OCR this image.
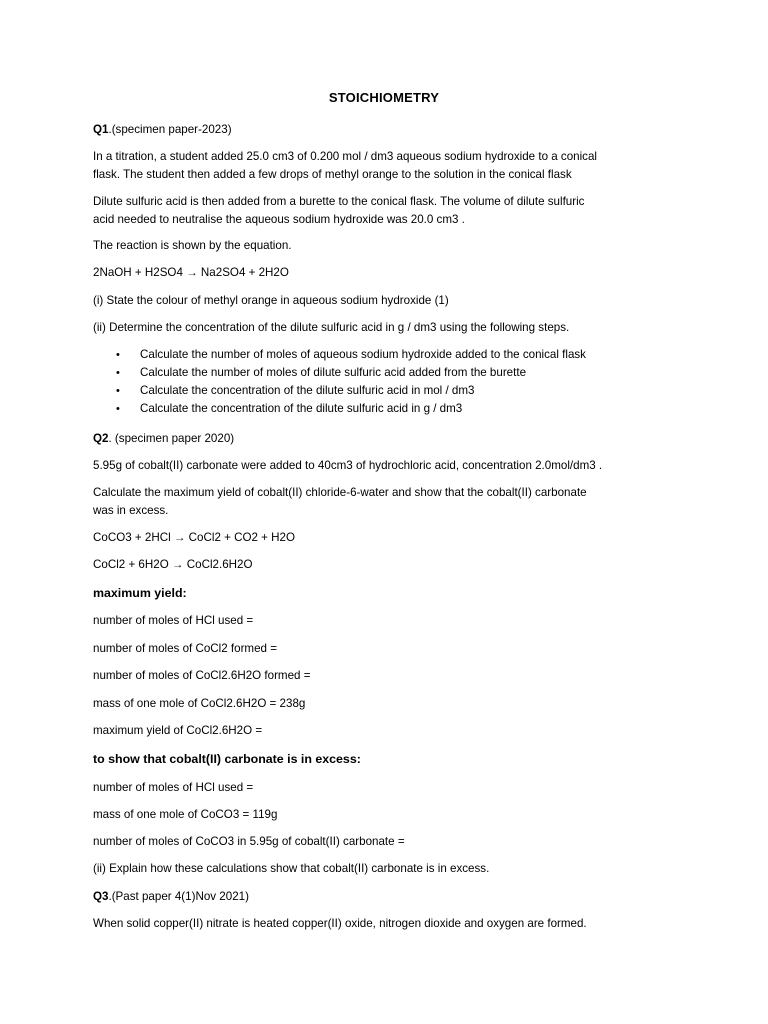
STOICHIOMETRY
Q1.(specimen paper-2023)
In a titration, a student added 25.0 cm3 of 0.200 mol / dm3 aqueous sodium hydroxide to a conical
flask. The student then added a few drops of methyl orange to the solution in the conical flask
Dilute sulfuric acid is then added from a burette to the conical flask. The volume of dilute sulfuric
acid needed to neutralise the aqueous sodium hydroxide was 20.0 cm3 .
The reaction is shown by the equation.
2NaOH + H2SO4 → Na2SO4 + 2H2O
(i) State the colour of methyl orange in aqueous sodium hydroxide (1)
(ii) Determine the concentration of the dilute sulfuric acid in g / dm3 using the following steps.
• Calculate the number of moles of aqueous sodium hydroxide added to the conical flask
• Calculate the number of moles of dilute sulfuric acid added from the burette
• Calculate the concentration of the dilute sulfuric acid in mol / dm3
• Calculate the concentration of the dilute sulfuric acid in g / dm3
Q2. (specimen paper 2020)
5.95g of cobalt(II) carbonate were added to 40cm3 of hydrochloric acid, concentration 2.0mol/dm3 .
Calculate the maximum yield of cobalt(II) chloride-6-water and show that the cobalt(II) carbonate
was in excess.
CoCO3 + 2HCl → CoCl2 + CO2 + H2O
CoCl2 + 6H2O → CoCl2.6H2O
maximum yield:
number of moles of HCl used =
number of moles of CoCl2 formed =
number of moles of CoCl2.6H2O formed =
mass of one mole of CoCl2.6H2O = 238g
maximum yield of CoCl2.6H2O =
to show that cobalt(II) carbonate is in excess:
number of moles of HCl used =
mass of one mole of CoCO3 = 119g
number of moles of CoCO3 in 5.95g of cobalt(II) carbonate =
(ii) Explain how these calculations show that cobalt(II) carbonate is in excess.
Q3.(Past paper 4(1)Nov 2021)
When solid copper(II) nitrate is heated copper(II) oxide, nitrogen dioxide and oxygen are formed.
